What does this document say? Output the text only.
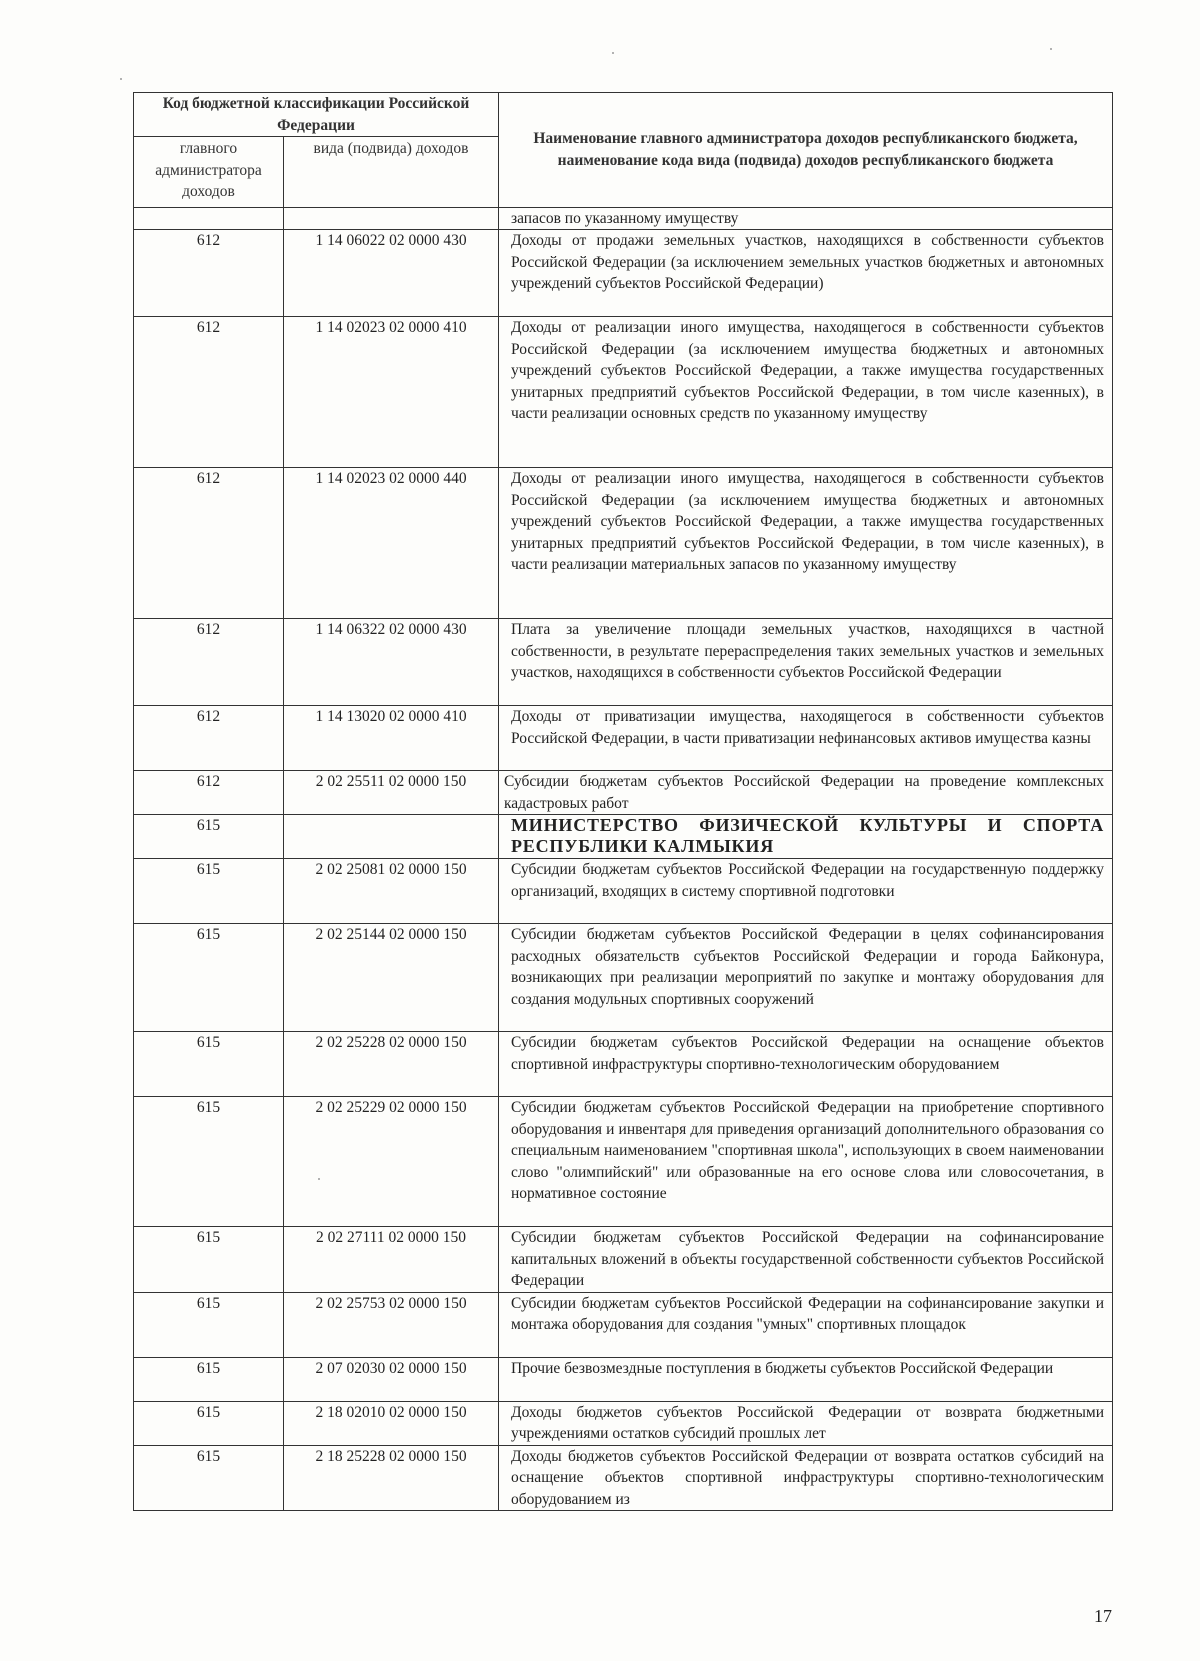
Код бюджетной классификации Российской Федерации		Наименование главного администратора доходов республиканского бюджета, наименование кода вида (подвида) доходов республиканского бюджета
главного администратора доходов	вида (подвида) доходов	
		запасов по указанному имуществу
612	1 14 06022 02 0000 430	Доходы от продажи земельных участков, находящихся в собственности субъектов Российской Федерации (за исключением земельных участков бюджетных и автономных учреждений субъектов Российской Федерации)
612	1 14 02023 02 0000 410	Доходы от реализации иного имущества, находящегося в собственности субъектов Российской Федерации (за исключением имущества бюджетных и автономных учреждений субъектов Российской Федерации, а также имущества государственных унитарных предприятий субъектов Российской Федерации, в том числе казенных), в части реализации основных средств по указанному имуществу
612	1 14 02023 02 0000 440	Доходы от реализации иного имущества, находящегося в собственности субъектов Российской Федерации (за исключением имущества бюджетных и автономных учреждений субъектов Российской Федерации, а также имущества государственных унитарных предприятий субъектов Российской Федерации, в том числе казенных), в части реализации материальных запасов по указанному имуществу
612	1 14 06322 02 0000 430	Плата за увеличение площади земельных участков, находящихся в частной собственности, в результате перераспределения таких земельных участков и земельных участков, находящихся в собственности субъектов Российской Федерации
612	1 14 13020 02 0000 410	Доходы от приватизации имущества, находящегося в собственности субъектов Российской Федерации, в части приватизации нефинансовых активов имущества казны
612	2 02 25511 02 0000 150	Субсидии бюджетам субъектов Российской Федерации на проведение комплексных кадастровых работ
615		МИНИСТЕРСТВО ФИЗИЧЕСКОЙ КУЛЬТУРЫ И СПОРТА РЕСПУБЛИКИ КАЛМЫКИЯ
615	2 02 25081 02 0000 150	Субсидии бюджетам субъектов Российской Федерации на государственную поддержку организаций, входящих в систему спортивной подготовки
615	2 02 25144 02 0000 150	Субсидии бюджетам субъектов Российской Федерации в целях софинансирования расходных обязательств субъектов Российской Федерации и города Байконура, возникающих при реализации мероприятий по закупке и монтажу оборудования для создания модульных спортивных сооружений
615	2 02 25228 02 0000 150	Субсидии бюджетам субъектов Российской Федерации на оснащение объектов спортивной инфраструктуры спортивно-технологическим оборудованием
615	2 02 25229 02 0000 150	Субсидии бюджетам субъектов Российской Федерации на приобретение спортивного оборудования и инвентаря для приведения организаций дополнительного образования со специальным наименованием "спортивная школа", использующих в своем наименовании слово "олимпийский" или образованные на его основе слова или словосочетания, в нормативное состояние
615	2 02 27111 02 0000 150	Субсидии бюджетам субъектов Российской Федерации на софинансирование капитальных вложений в объекты государственной собственности субъектов Российской Федерации
615	2 02 25753 02 0000 150	Субсидии бюджетам субъектов Российской Федерации на софинансирование закупки и монтажа оборудования для создания "умных" спортивных площадок
615	2 07 02030 02 0000 150	Прочие безвозмездные поступления в бюджеты субъектов Российской Федерации
615	2 18 02010 02 0000 150	Доходы бюджетов субъектов Российской Федерации от возврата бюджетными учреждениями остатков субсидий прошлых лет
615	2 18 25228 02 0000 150	Доходы бюджетов субъектов Российской Федерации от возврата остатков субсидий на оснащение объектов спортивной инфраструктуры спортивно-технологическим оборудованием из
17
